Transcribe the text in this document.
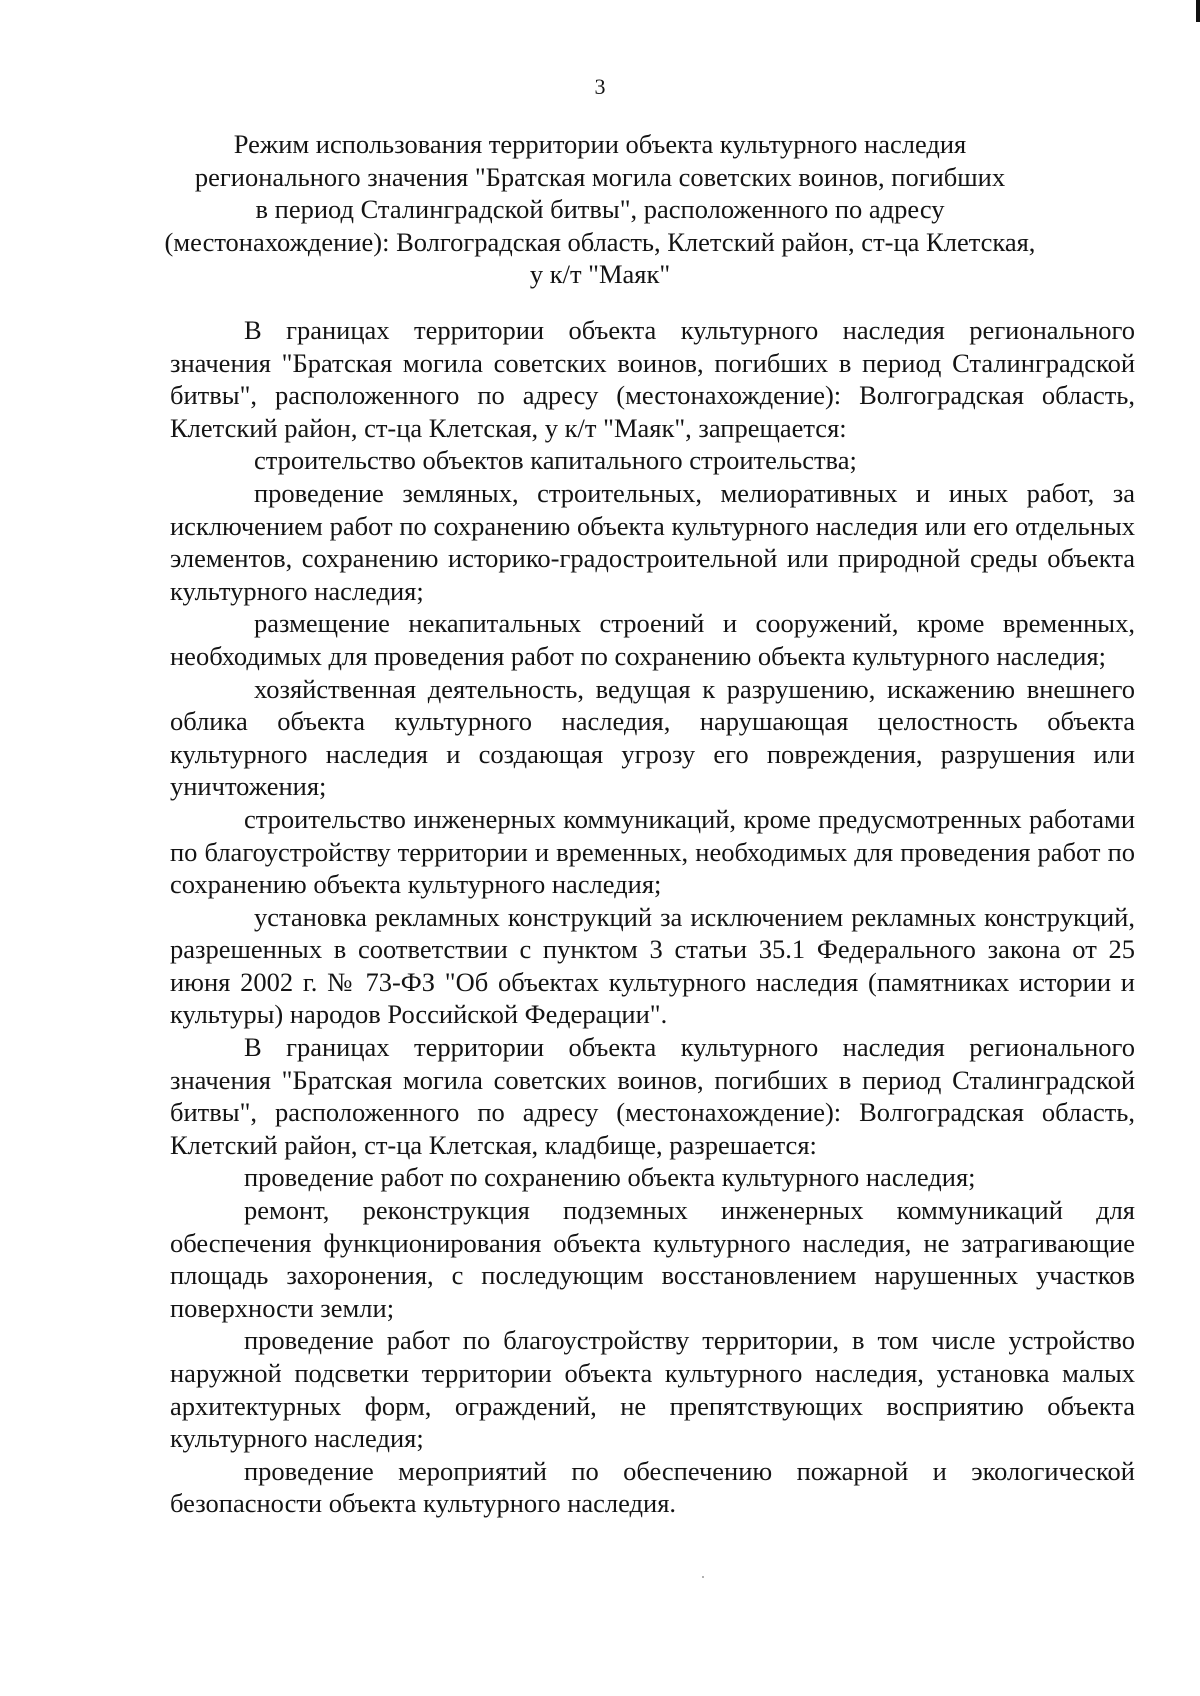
3
Режим использования территории объекта культурного наследия
регионального значения "Братская могила советских воинов, погибших
в период Сталинградской битвы", расположенного по адресу
(местонахождение): Волгоградская область, Клетский район, ст-ца Клетская,
у к/т "Маяк"

В границах территории объекта культурного наследия регионального значения "Братская могила советских воинов, погибших в период Сталинградской битвы", расположенного по адресу (местонахождение): Волгоградская область, Клетский район, ст-ца Клетская, у к/т "Маяк", запрещается:

строительство объектов капитального строительства;

проведение земляных, строительных, мелиоративных и иных работ, за исключением работ по сохранению объекта культурного наследия или его отдельных элементов, сохранению историко-градостроительной или природной среды объекта культурного наследия;

размещение некапитальных строений и сооружений, кроме временных, необходимых для проведения работ по сохранению объекта культурного наследия;

хозяйственная деятельность, ведущая к разрушению, искажению внешнего облика объекта культурного наследия, нарушающая целостность объекта культурного наследия и создающая угрозу его повреждения, разрушения или уничтожения;

строительство инженерных коммуникаций, кроме предусмотренных работами по благоустройству территории и временных, необходимых для проведения работ по сохранению объекта культурного наследия;

установка рекламных конструкций за исключением рекламных конструкций, разрешенных в соответствии с пунктом 3 статьи 35.1 Федерального закона от 25 июня 2002 г. № 73-ФЗ "Об объектах культурного наследия (памятниках истории и культуры) народов Российской Федерации".

В границах территории объекта культурного наследия регионального значения "Братская могила советских воинов, погибших в период Сталинградской битвы", расположенного по адресу (местонахождение): Волгоградская область, Клетский район, ст-ца Клетская, кладбище, разрешается:

проведение работ по сохранению объекта культурного наследия;

ремонт, реконструкция подземных инженерных коммуникаций для обеспечения функционирования объекта культурного наследия, не затрагивающие площадь захоронения, с последующим восстановлением нарушенных участков поверхности земли;

проведение работ по благоустройству территории, в том числе устройство наружной подсветки территории объекта культурного наследия, установка малых архитектурных форм, ограждений, не препятствующих восприятию объекта культурного наследия;

проведение мероприятий по обеспечению пожарной и экологической безопасности объекта культурного наследия.
